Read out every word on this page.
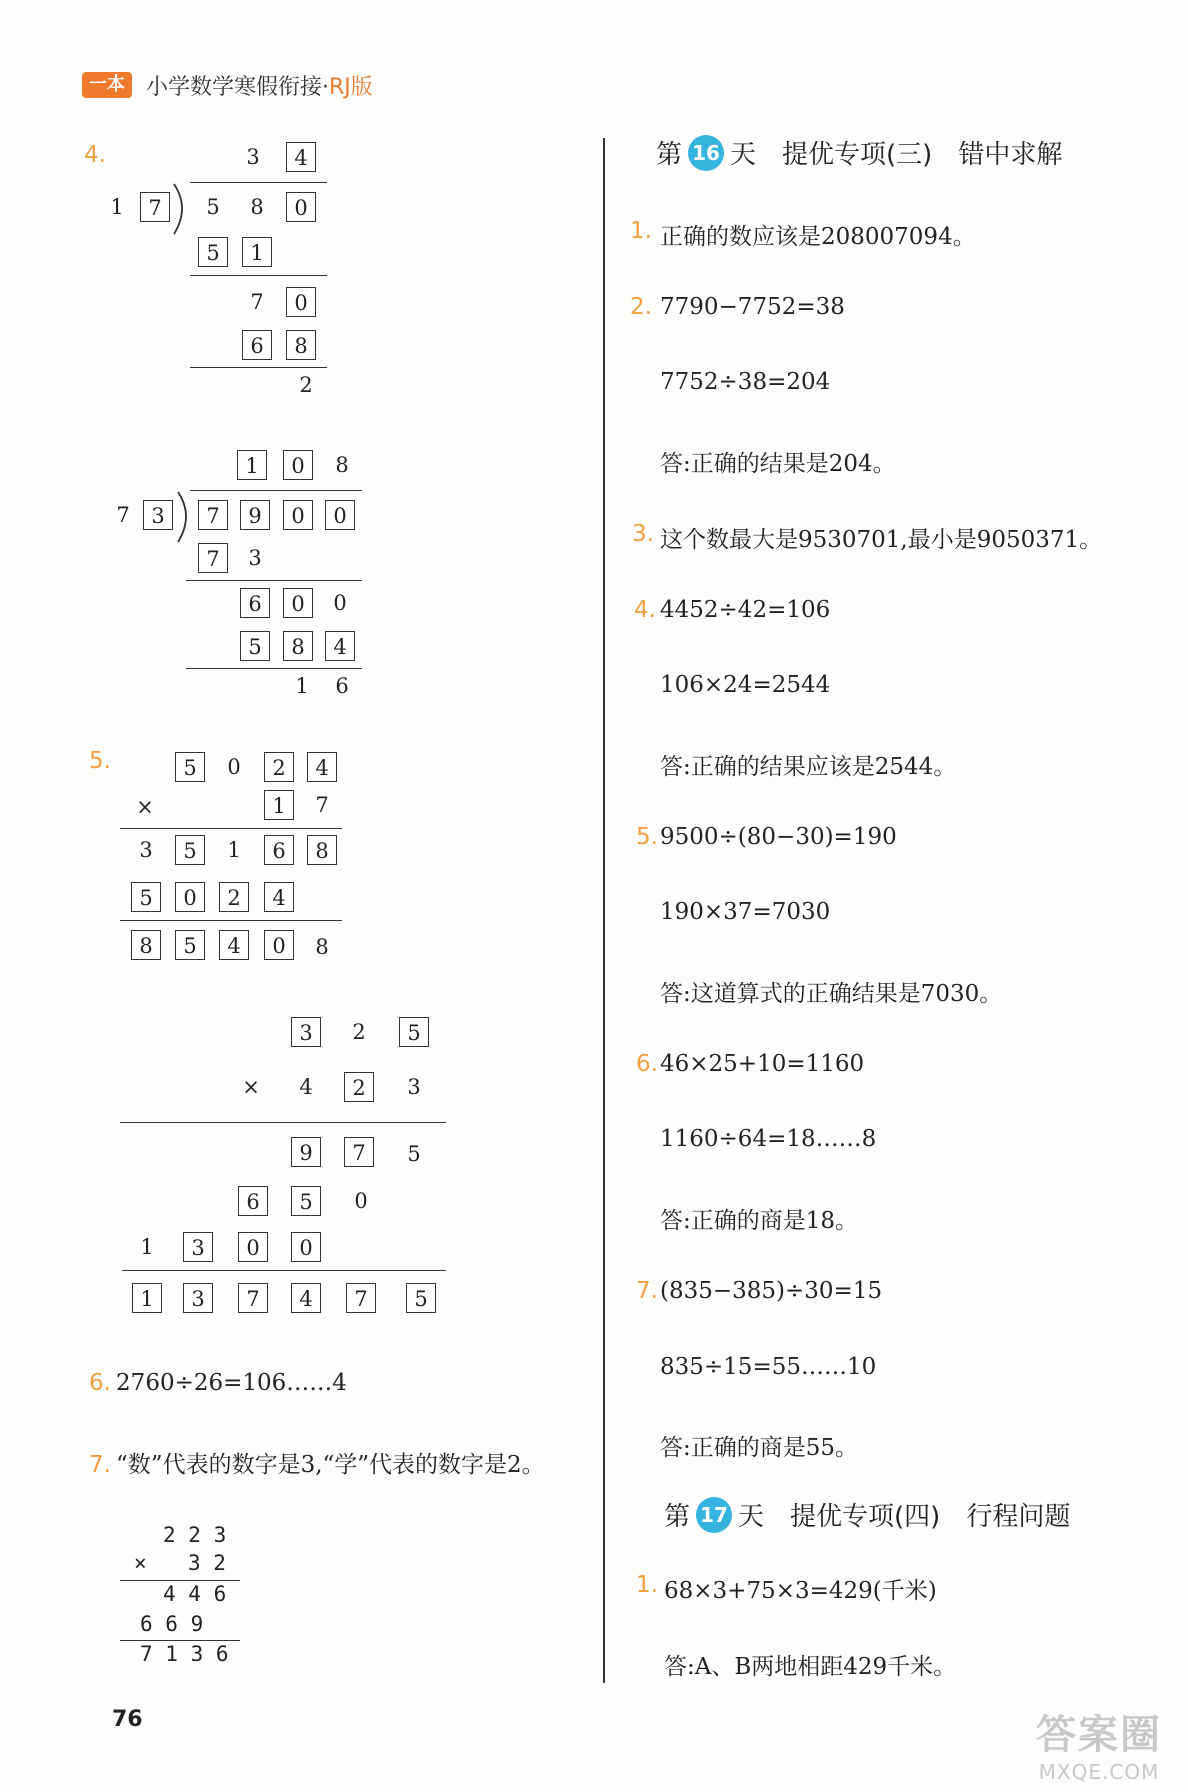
一本 小学数学寒假衔接·RJ版
4.	3	4
1	7	5	8	0
5	1
7	0
6	8
2
1	0	8
7	3	7	9	0	0
7	3
6	0	0
5	8	4
1	6
5.	5	0	2	4
×	1	7
3	5	1	6	8
5	0	2	4
8	5	4	0	8
3	2	5
×	4	2	3
9	7	5
6	5	0
1	3	0	0
1	3	7	4	7	5
6. 2760÷26=106……4
7. “数”代表的数字是3,“学”代表的数字是2。
2 2 3
× 3 2
4 4 6
6 6 9
7 1 3 6
第 16 天 提优专项(三) 错中求解
1. 正确的数应该是208007094。
2. 7790−7752=38
7752÷38=204
答:正确的结果是204。
3. 这个数最大是9530701,最小是9050371。
4. 4452÷42=106
106×24=2544
答:正确的结果应该是2544。
5. 9500÷(80−30)=190
190×37=7030
答:这道算式的正确结果是7030。
6. 46×25+10=1160
1160÷64=18……8
答:正确的商是18。
7. (835−385)÷30=15
835÷15=55……10
答:正确的商是55。
第 17 天 提优专项(四) 行程问题
1. 68×3+75×3=429(千米)
答:A、B两地相距429千米。
76	答案圈
MXQE.COM
